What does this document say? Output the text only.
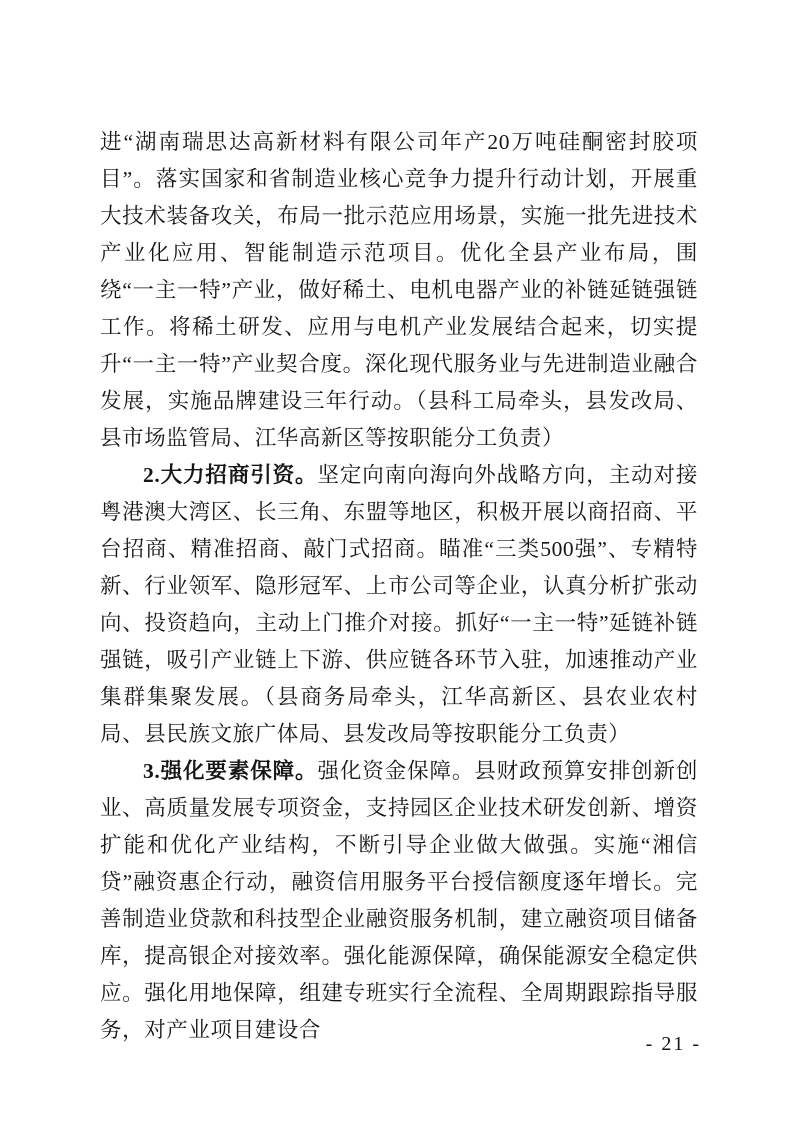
进“湖南瑞思达高新材料有限公司年产20万吨硅酮密封胶项目”。落实国家和省制造业核心竞争力提升行动计划，开展重大技术装备攻关，布局一批示范应用场景，实施一批先进技术产业化应用、智能制造示范项目。优化全县产业布局，围绕“一主一特”产业，做好稀土、电机电器产业的补链延链强链工作。将稀土研发、应用与电机产业发展结合起来，切实提升“一主一特”产业契合度。深化现代服务业与先进制造业融合发展，实施品牌建设三年行动。（县科工局牵头，县发改局、县市场监管局、江华高新区等按职能分工负责）

2.大力招商引资。坚定向南向海向外战略方向，主动对接粤港澳大湾区、长三角、东盟等地区，积极开展以商招商、平台招商、精准招商、敲门式招商。瞄准“三类500强”、专精特新、行业领军、隐形冠军、上市公司等企业，认真分析扩张动向、投资趋向，主动上门推介对接。抓好“一主一特”延链补链强链，吸引产业链上下游、供应链各环节入驻，加速推动产业集群集聚发展。（县商务局牵头，江华高新区、县农业农村局、县民族文旅广体局、县发改局等按职能分工负责）

3.强化要素保障。强化资金保障。县财政预算安排创新创业、高质量发展专项资金，支持园区企业技术研发创新、增资扩能和优化产业结构，不断引导企业做大做强。实施“湘信贷”融资惠企行动，融资信用服务平台授信额度逐年增长。完善制造业贷款和科技型企业融资服务机制，建立融资项目储备库，提高银企对接效率。强化能源保障，确保能源安全稳定供应。强化用地保障，组建专班实行全流程、全周期跟踪指导服务，对产业项目建设合

- 21 -
